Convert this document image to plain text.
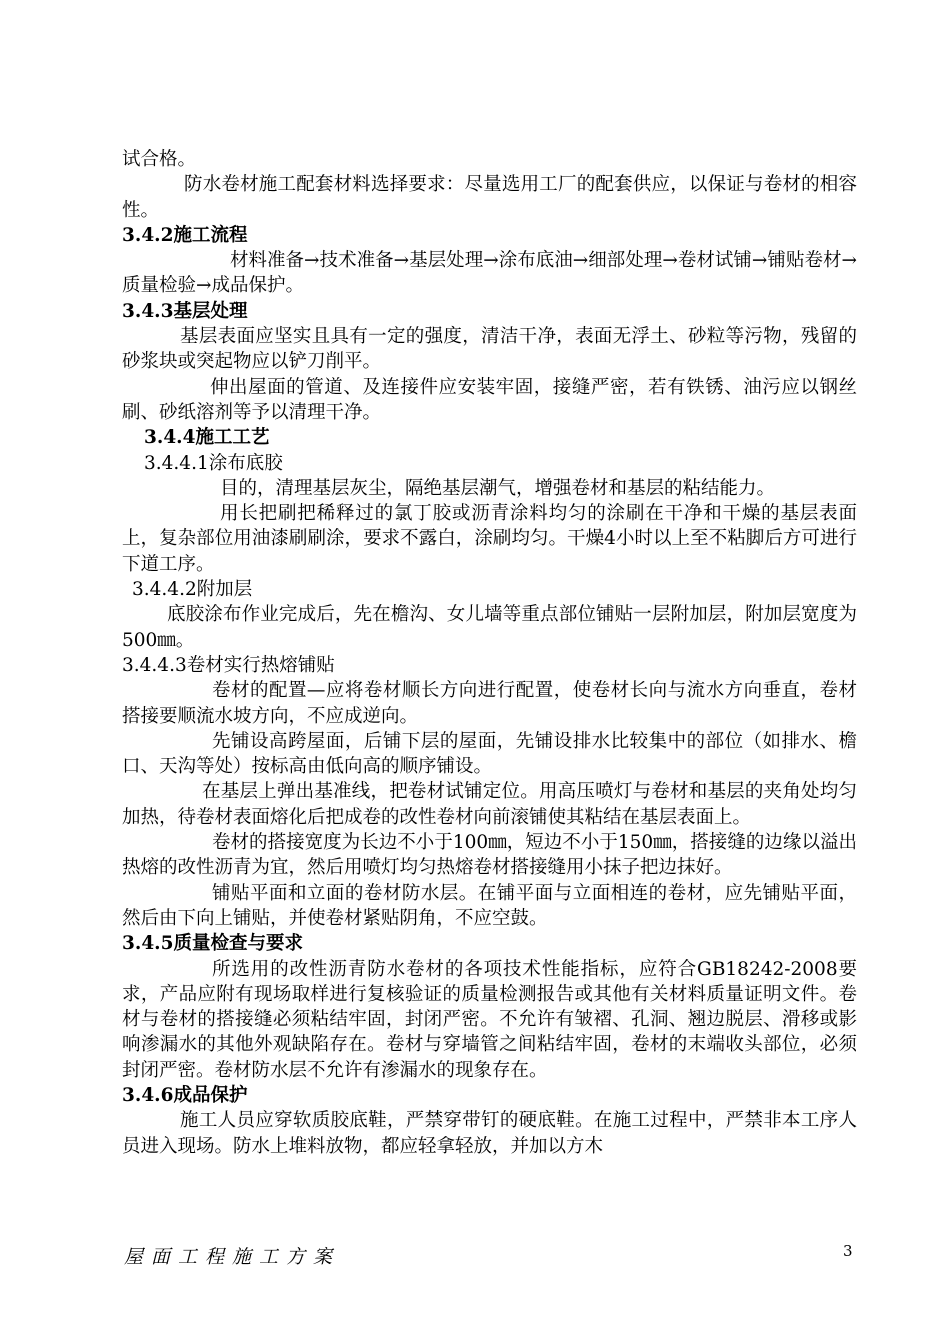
试合格。

防水卷材施工配套材料选择要求：尽量选用工厂的配套供应，以保证与卷材的相容性。

3.4.2施工流程

材料准备→技术准备→基层处理→涂布底油→细部处理→卷材试铺→铺贴卷材→质量检验→成品保护。

3.4.3基层处理

基层表面应坚实且具有一定的强度，清洁干净，表面无浮土、砂粒等污物，残留的砂浆块或突起物应以铲刀削平。

伸出屋面的管道、及连接件应安装牢固，接缝严密，若有铁锈、油污应以钢丝刷、砂纸溶剂等予以清理干净。

3.4.4施工工艺

3.4.4.1涂布底胶

目的，清理基层灰尘，隔绝基层潮气，增强卷材和基层的粘结能力。

用长把刷把稀释过的氯丁胶或沥青涂料均匀的涂刷在干净和干燥的基层表面上，复杂部位用油漆刷刷涂，要求不露白，涂刷均匀。干燥4小时以上至不粘脚后方可进行下道工序。

3.4.4.2附加层

底胶涂布作业完成后，先在檐沟、女儿墙等重点部位铺贴一层附加层，附加层宽度为500㎜。

3.4.4.3卷材实行热熔铺贴

卷材的配置—应将卷材顺长方向进行配置，使卷材长向与流水方向垂直，卷材搭接要顺流水坡方向，不应成逆向。

先铺设高跨屋面，后铺下层的屋面，先铺设排水比较集中的部位（如排水、檐口、天沟等处）按标高由低向高的顺序铺设。

在基层上弹出基准线，把卷材试铺定位。用高压喷灯与卷材和基层的夹角处均匀加热，待卷材表面熔化后把成卷的改性卷材向前滚铺使其粘结在基层表面上。

卷材的搭接宽度为长边不小于100㎜，短边不小于150㎜，搭接缝的边缘以溢出热熔的改性沥青为宜，然后用喷灯均匀热熔卷材搭接缝用小抹子把边抹好。

铺贴平面和立面的卷材防水层。在铺平面与立面相连的卷材，应先铺贴平面，然后由下向上铺贴，并使卷材紧贴阴角，不应空鼓。

3.4.5质量检查与要求

所选用的改性沥青防水卷材的各项技术性能指标，应符合GB18242-2008要求，产品应附有现场取样进行复核验证的质量检测报告或其他有关材料质量证明文件。卷材与卷材的搭接缝必须粘结牢固，封闭严密。不允许有皱褶、孔洞、翘边脱层、滑移或影响渗漏水的其他外观缺陷存在。卷材与穿墙管之间粘结牢固，卷材的末端收头部位，必须封闭严密。卷材防水层不允许有渗漏水的现象存在。

3.4.6成品保护

施工人员应穿软质胶底鞋，严禁穿带钉的硬底鞋。在施工过程中，严禁非本工序人员进入现场。防水上堆料放物，都应轻拿轻放，并加以方木

屋面工程施工方案	3
